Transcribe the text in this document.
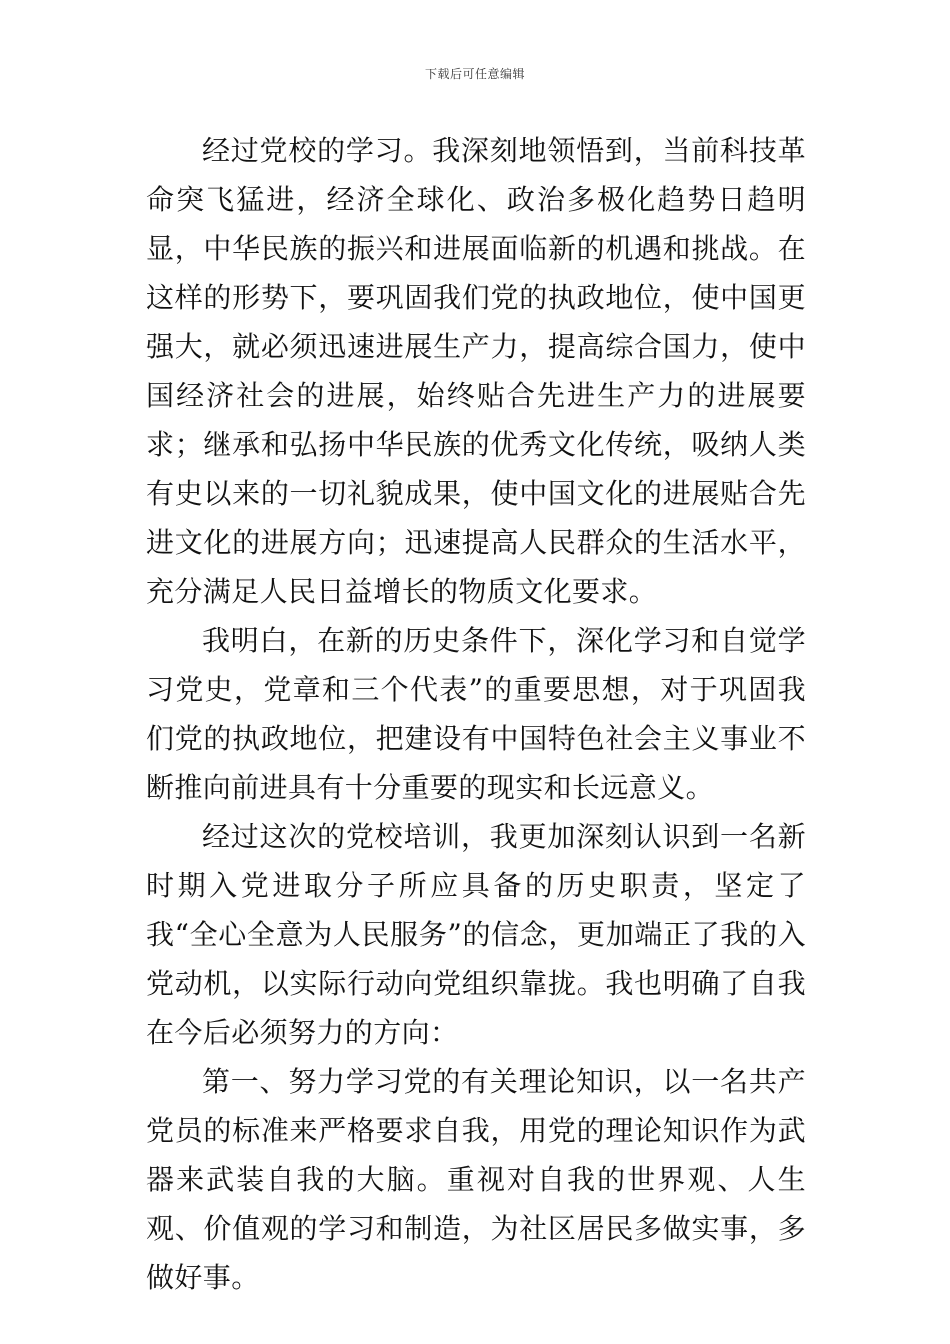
下载后可任意编辑

经过党校的学习。我深刻地领悟到，当前科技革命突飞猛进，经济全球化、政治多极化趋势日趋明显，中华民族的振兴和进展面临新的机遇和挑战。在这样的形势下，要巩固我们党的执政地位，使中国更强大，就必须迅速进展生产力，提高综合国力，使中国经济社会的进展，始终贴合先进生产力的进展要求；继承和弘扬中华民族的优秀文化传统，吸纳人类有史以来的一切礼貌成果，使中国文化的进展贴合先进文化的进展方向；迅速提高人民群众的生活水平，充分满足人民日益增长的物质文化要求。

我明白，在新的历史条件下，深化学习和自觉学习党史，党章和三个代表”的重要思想，对于巩固我们党的执政地位，把建设有中国特色社会主义事业不断推向前进具有十分重要的现实和长远意义。

经过这次的党校培训，我更加深刻认识到一名新时期入党进取分子所应具备的历史职责，坚定了我“全心全意为人民服务”的信念，更加端正了我的入党动机，以实际行动向党组织靠拢。我也明确了自我在今后必须努力的方向：

第一、努力学习党的有关理论知识，以一名共产党员的标准来严格要求自我，用党的理论知识作为武器来武装自我的大脑。重视对自我的世界观、人生观、价值观的学习和制造，为社区居民多做实事，多做好事。
